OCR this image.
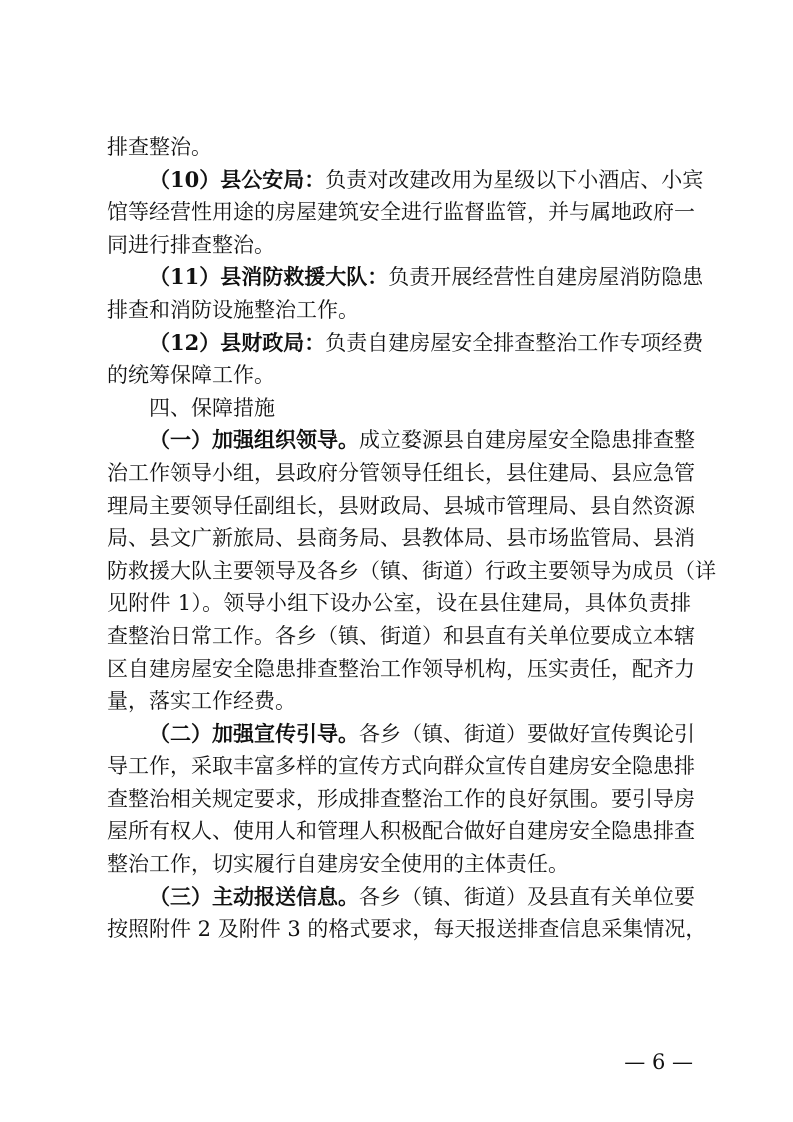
排查整治。
（10）县公安局：负责对改建改用为星级以下小酒店、小宾
馆等经营性用途的房屋建筑安全进行监督监管，并与属地政府一
同进行排查整治。
（11）县消防救援大队：负责开展经营性自建房屋消防隐患
排查和消防设施整治工作。
（12）县财政局：负责自建房屋安全排查整治工作专项经费
的统筹保障工作。
四、保障措施
（一）加强组织领导。成立婺源县自建房屋安全隐患排查整
治工作领导小组，县政府分管领导任组长，县住建局、县应急管
理局主要领导任副组长，县财政局、县城市管理局、县自然资源
局、县文广新旅局、县商务局、县教体局、县市场监管局、县消
防救援大队主要领导及各乡（镇、街道）行政主要领导为成员（详
见附件 1）。领导小组下设办公室，设在县住建局，具体负责排
查整治日常工作。各乡（镇、街道）和县直有关单位要成立本辖
区自建房屋安全隐患排查整治工作领导机构，压实责任，配齐力
量，落实工作经费。
（二）加强宣传引导。各乡（镇、街道）要做好宣传舆论引
导工作，采取丰富多样的宣传方式向群众宣传自建房安全隐患排
查整治相关规定要求，形成排查整治工作的良好氛围。要引导房
屋所有权人、使用人和管理人积极配合做好自建房安全隐患排查
整治工作，切实履行自建房安全使用的主体责任。
（三）主动报送信息。各乡（镇、街道）及县直有关单位要
按照附件 2 及附件 3 的格式要求，每天报送排查信息采集情况，
— 6 —
